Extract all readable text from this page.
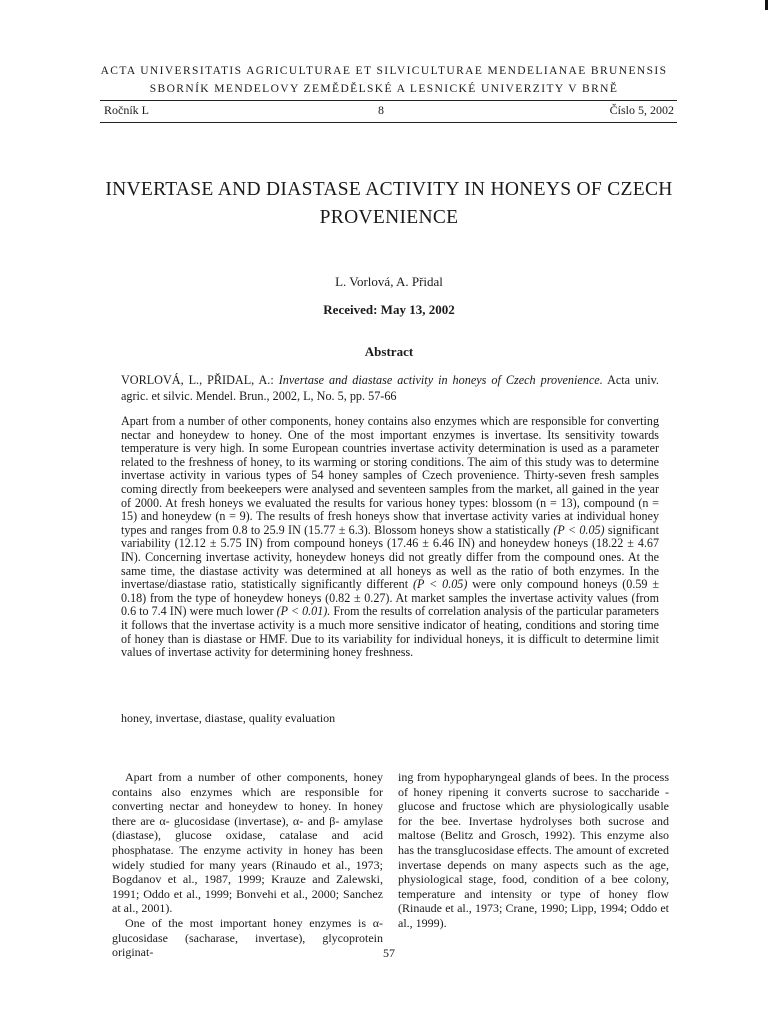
ACTA UNIVERSITATIS AGRICULTURAE ET SILVICULTURAE MENDELIANAE BRUNENSIS
SBORNÍK MENDELOVY ZEMĚDĚLSKÉ A LESNICKÉ UNIVERZITY V BRNĚ
Ročník L	8	Číslo 5, 2002
INVERTASE AND DIASTASE ACTIVITY IN HONEYS OF CZECH PROVENIENCE
L. Vorlová, A. Přidal
Received: May 13, 2002
Abstract
VORLOVÁ, L., PŘIDAL, A.: Invertase and diastase activity in honeys of Czech provenience. Acta univ. agric. et silvic. Mendel. Brun., 2002, L, No. 5, pp. 57-66
Apart from a number of other components, honey contains also enzymes which are responsible for converting nectar and honeydew to honey. One of the most important enzymes is invertase. Its sensitivity towards temperature is very high. In some European countries invertase activity determination is used as a parameter related to the freshness of honey, to its warming or storing conditions. The aim of this study was to determine invertase activity in various types of 54 honey samples of Czech provenience. Thirty-seven fresh samples coming directly from beekeepers were analysed and seventeen samples from the market, all gained in the year of 2000. At fresh honeys we evaluated the results for various honey types: blossom (n = 13), compound (n = 15) and honeydew (n = 9). The results of fresh honeys show that invertase activity varies at individual honey types and ranges from 0.8 to 25.9 IN (15.77 ± 6.3). Blossom honeys show a statistically (P < 0.05) significant variability (12.12 ± 5.75 IN) from compound honeys (17.46 ± 6.46 IN) and honeydew honeys (18.22 ± 4.67 IN). Concerning invertase activity, honeydew honeys did not greatly differ from the compound ones. At the same time, the diastase activity was determined at all honeys as well as the ratio of both enzymes. In the invertase/diastase ratio, statistically significantly different (P < 0.05) were only compound honeys (0.59 ± 0.18) from the type of honeydew honeys (0.82 ± 0.27). At market samples the invertase activity values (from 0.6 to 7.4 IN) were much lower (P < 0.01). From the results of correlation analysis of the particular parameters it follows that the invertase activity is a much more sensitive indicator of heating, conditions and storing time of honey than is diastase or HMF. Due to its variability for individual honeys, it is difficult to determine limit values of invertase activity for determining honey freshness.
honey, invertase, diastase, quality evaluation

Apart from a number of other components, honey contains also enzymes which are responsible for converting nectar and honeydew to honey. In honey there are α- glucosidase (invertase), α- and β- amylase (diastase), glucose oxidase, catalase and acid phosphatase. The enzyme activity in honey has been widely studied for many years (Rinaudo et al., 1973; Bogdanov et al., 1987, 1999; Krauze and Zalewski, 1991; Oddo et al., 1999; Bonvehi et al., 2000; Sanchez at al., 2001).

One of the most important honey enzymes is α- glucosidase (sacharase, invertase), glycoprotein originat-

ing from hypopharyngeal glands of bees. In the process of honey ripening it converts sucrose to saccharide - glucose and fructose which are physiologically usable for the bee. Invertase hydrolyses both sucrose and maltose (Belitz and Grosch, 1992). This enzyme also has the transglucosidase effects. The amount of excreted invertase depends on many aspects such as the age, physiological stage, food, condition of a bee colony, temperature and intensity or type of honey flow (Rinaude et al., 1973; Crane, 1990; Lipp, 1994; Oddo et al., 1999).

57
